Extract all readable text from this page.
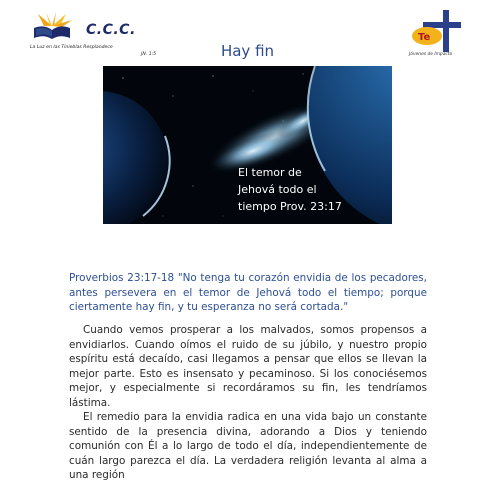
C.C.C.
La Luz en las Tinieblas Resplandece
JN. 1:5
Te
Jóvenes de Impacto
Hay fin
El temor de
Jehová todo el
tiempo Prov. 23:17
Proverbios 23:17-18 "No tenga tu corazón envidia de los pecadores, antes persevera en el temor de Jehová todo el tiempo; porque ciertamente hay fin, y tu esperanza no será cortada."

Cuando vemos prosperar a los malvados, somos propensos a envidiarlos. Cuando oímos el ruido de su júbilo, y nuestro propio espíritu está decaído, casi llegamos a pensar que ellos se llevan la mejor parte. Esto es insensato y pecaminoso. Si los conociésemos mejor, y especialmente si recordáramos su fin, les tendríamos lástima.

El remedio para la envidia radica en una vida bajo un constante sentido de la presencia divina, adorando a Dios y teniendo comunión con Él a lo largo de todo el día, independientemente de cuán largo parezca el día. La verdadera religión levanta al alma a una región
